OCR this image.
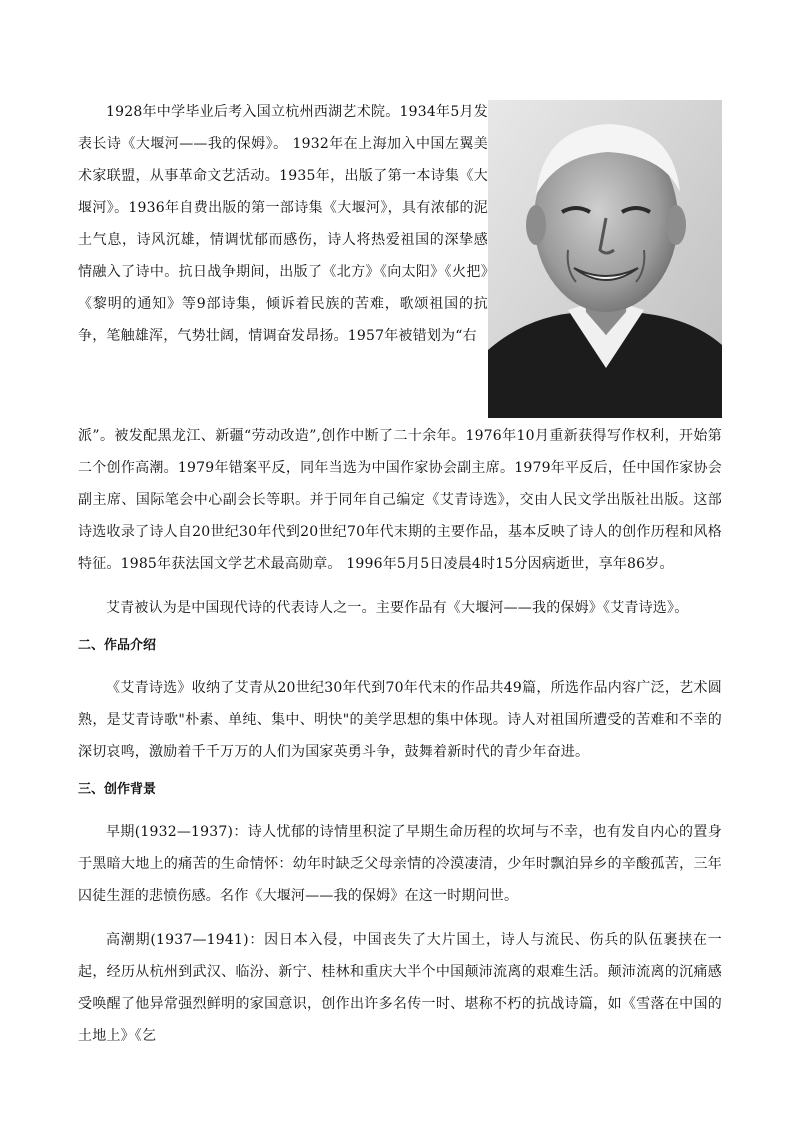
1928年中学毕业后考入国立杭州西湖艺术院。1934年5月发表长诗《大堰河——我的保姆》。 1932年在上海加入中国左翼美术家联盟，从事革命文艺活动。1935年，出版了第一本诗集《大堰河》。1936年自费出版的第一部诗集《大堰河》，具有浓郁的泥土气息，诗风沉雄，情调忧郁而感伤，诗人将热爱祖国的深挚感情融入了诗中。抗日战争期间，出版了《北方》《向太阳》《火把》《黎明的通知》等9部诗集，倾诉着民族的苦难，歌颂祖国的抗争，笔触雄浑，气势壮阔，情调奋发昂扬。1957年被错划为“右

派”。被发配黑龙江、新疆“劳动改造”,创作中断了二十余年。1976年10月重新获得写作权利，开始第二个创作高潮。1979年错案平反，同年当选为中国作家协会副主席。1979年平反后，任中国作家协会副主席、国际笔会中心副会长等职。并于同年自己编定《艾青诗选》，交由人民文学出版社出版。这部诗选收录了诗人自20世纪30年代到20世纪70年代末期的主要作品，基本反映了诗人的创作历程和风格特征。1985年获法国文学艺术最高勋章。 1996年5月5日凌晨4时15分因病逝世，享年86岁。

艾青被认为是中国现代诗的代表诗人之一。主要作品有《大堰河——我的保姆》《艾青诗选》。

二、作品介绍

《艾青诗选》收纳了艾青从20世纪30年代到70年代末的作品共49篇，所选作品内容广泛，艺术圆熟，是艾青诗歌"朴素、单纯、集中、明快"的美学思想的集中体现。诗人对祖国所遭受的苦难和不幸的深切哀鸣，激励着千千万万的人们为国家英勇斗争，鼓舞着新时代的青少年奋进。

三、创作背景

早期(1932—1937)：诗人忧郁的诗情里积淀了早期生命历程的坎坷与不幸，也有发自内心的置身于黑暗大地上的痛苦的生命情怀：幼年时缺乏父母亲情的冷漠凄清，少年时飘泊异乡的辛酸孤苦，三年囚徒生涯的悲愤伤感。名作《大堰河——我的保姆》在这一时期问世。

高潮期(1937—1941)：因日本入侵，中国丧失了大片国土，诗人与流民、伤兵的队伍裹挟在一起，经历从杭州到武汉、临汾、新宁、桂林和重庆大半个中国颠沛流离的艰难生活。颠沛流离的沉痛感受唤醒了他异常强烈鲜明的家国意识，创作出许多名传一时、堪称不朽的抗战诗篇，如《雪落在中国的土地上》《乞
